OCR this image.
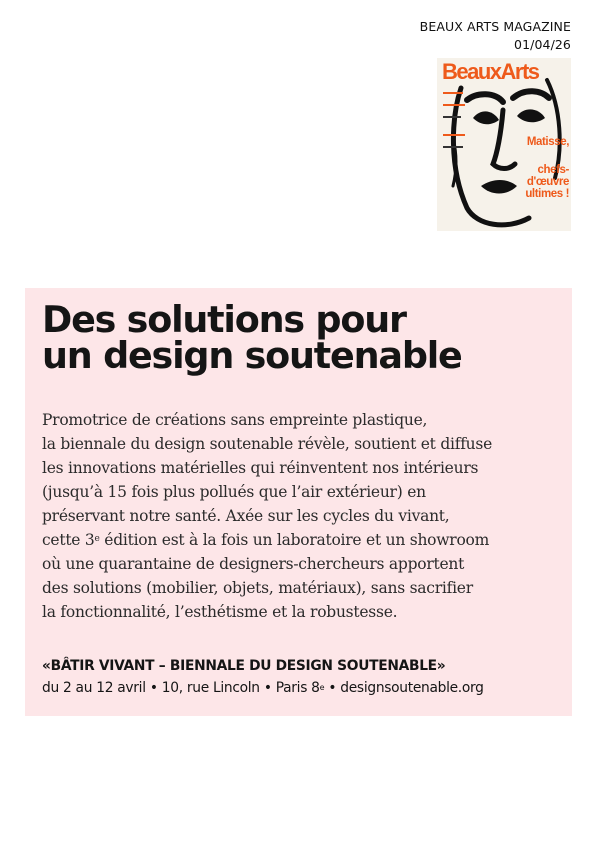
BEAUX ARTS MAGAZINE
01/04/26
BeauxArts
Matisse,
chefs-
d'œuvre
ultimes !
Des solutions pour
un design soutenable
Promotrice de créations sans empreinte plastique,
la biennale du design soutenable révèle, soutient et diffuse
les innovations matérielles qui réinventent nos intérieurs
(jusqu’à 15 fois plus pollués que l’air extérieur) en
préservant notre santé. Axée sur les cycles du vivant,
cette 3e édition est à la fois un laboratoire et un showroom
où une quarantaine de designers-chercheurs apportent
des solutions (mobilier, objets, matériaux), sans sacrifier
la fonctionnalité, l’esthétisme et la robustesse.
«BÂTIR VIVANT – BIENNALE DU DESIGN SOUTENABLE»
du 2 au 12 avril • 10, rue Lincoln • Paris 8e • designsoutenable.org
